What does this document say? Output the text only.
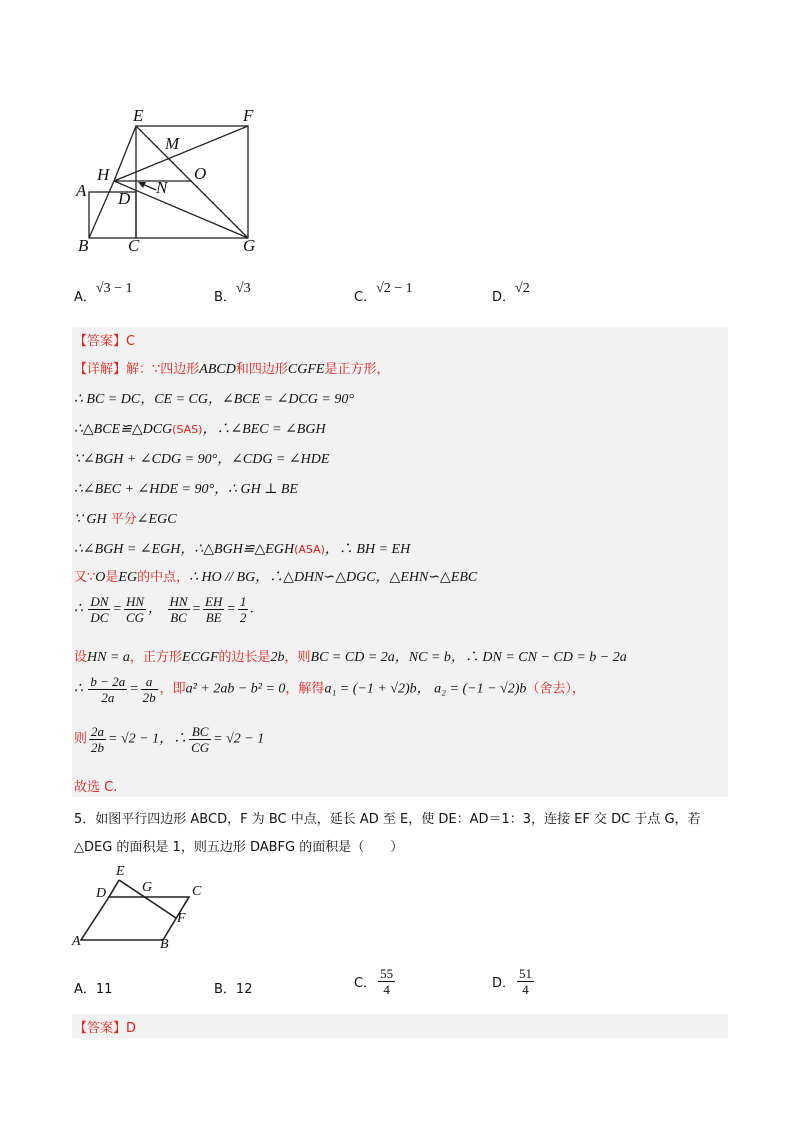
E	F
M
O
H
A	N
D
B C	G
A．√3 − 1
B．√3
C．√2 − 1
D．√2
【答案】C
【详解】解：∵四边形ABCD和四边形CGFE是正方形，
∴ BC = DC，CE = CG，∠BCE = ∠DCG = 90°
∴△BCE≌△DCG(SAS)，∴∠BEC = ∠BGH
∵∠BGH + ∠CDG = 90°，∠CDG = ∠HDE
∴∠BEC + ∠HDE = 90°，∴ GH ⊥ BE
∵ GH 平分∠EGC
∴∠BGH = ∠EGH，∴△BGH≌△EGH(ASA)，∴ BH = EH
又∵O是EG的中点，∴ HO // BG，∴△DHN∽△DGC，△EHN∽△EBC
∴ $\frac{DN}{DC} = \frac{HN}{CG}$ ， $\frac{HN}{BC} = \frac{EH}{BE} = \frac{1}{2}$ .
设HN = a，正方形ECGF的边长是2b，则BC = CD = 2a，NC = b，∴ DN = CN − CD = b − 2a
∴ $\frac{b - 2a}{2a} = \frac{a}{2b}$ ，即a² + 2ab − b² = 0，解得a₁ = (−1 + √2)b， a₂ = (−1 − √2)b（舍去），
则 $\frac{2a}{2b} = √2 - 1$，∴ $\frac{BC}{CG} = √2 - 1$
故选 C.
5．如图平行四边形 ABCD，F 为 BC 中点，延长 AD 至 E，使 DE：AD＝1：3，连接 EF 交 DC 于点 G，若
△DEG 的面积是 1，则五边形 DABFG 的面积是（　　）
E
D	G	C
F
A	B
A．11	B．12	C． $\frac{55}{4}$	D． $\frac{51}{4}$
【答案】D
